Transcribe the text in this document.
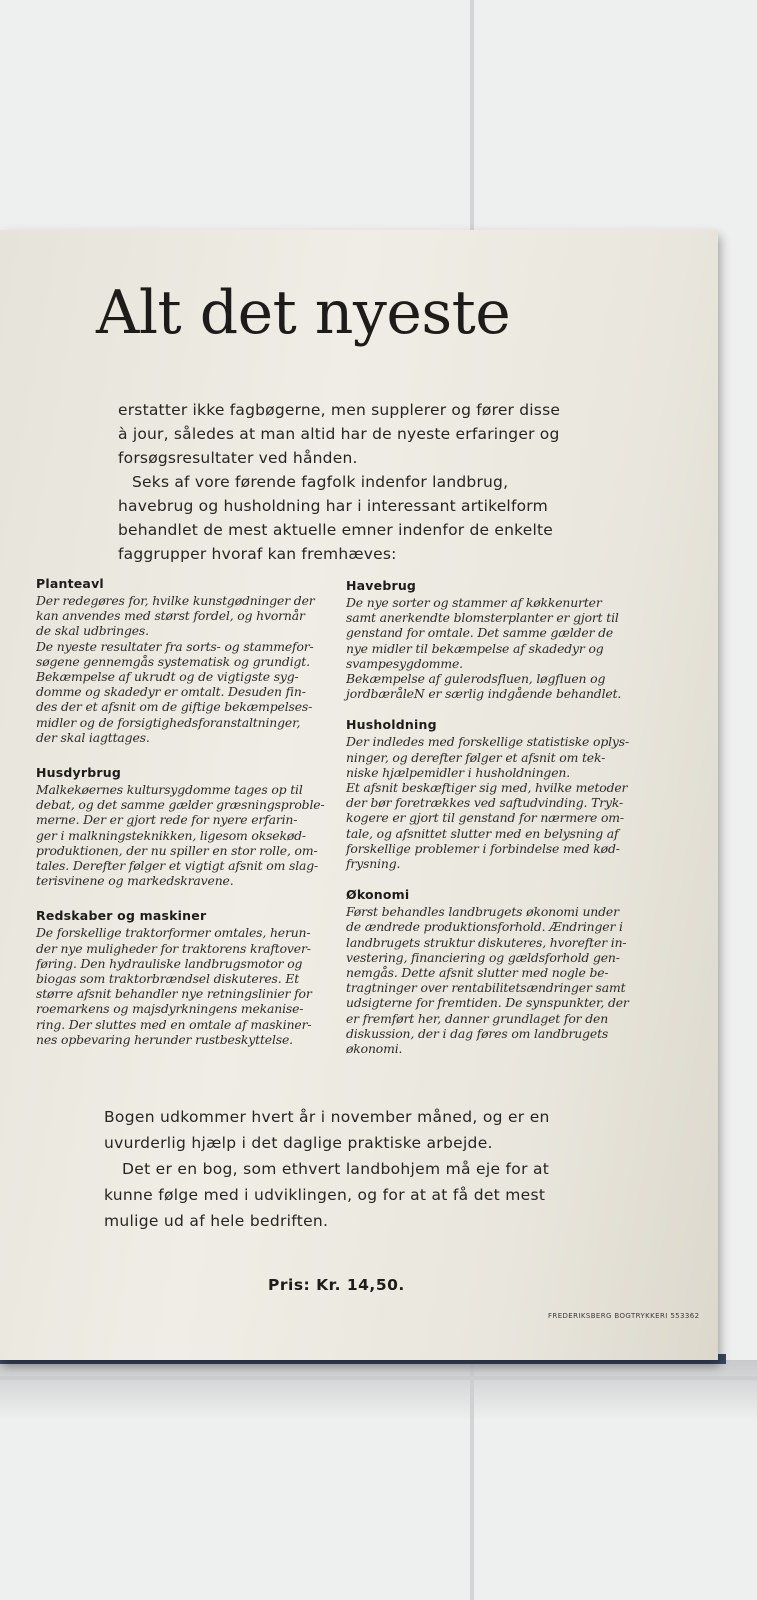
Alt det nyeste

erstatter ikke fagbøgerne, men supplerer og fører disse à jour, således at man altid har de nyeste erfaringer og forsøgsresultater ved hånden.

Seks af vore førende fagfolk indenfor landbrug, havebrug og husholdning har i interessant artikelform behandlet de mest aktuelle emner indenfor de enkelte faggrupper hvoraf kan fremhæves:

Planteavl
Der redegøres for, hvilke kunstgødninger der
kan anvendes med størst fordel, og hvornår
de skal udbringes.
De nyeste resultater fra sorts- og stammefor-
søgene gennemgås systematisk og grundigt.
Bekæmpelse af ukrudt og de vigtigste syg-
domme og skadedyr er omtalt. Desuden fin-
des der et afsnit om de giftige bekæmpelses-
midler og de forsigtighedsforanstaltninger,
der skal iagttages.
Husdyrbrug
Malkekøernes kultursygdomme tages op til
debat, og det samme gælder græsningsproble-
merne. Der er gjort rede for nyere erfarin-
ger i malkningsteknikken, ligesom oksekød-
produktionen, der nu spiller en stor rolle, om-
tales. Derefter følger et vigtigt afsnit om slag-
terisvinene og markedskravene.
Redskaber og maskiner
De forskellige traktorformer omtales, herun-
der nye muligheder for traktorens kraftover-
føring. Den hydrauliske landbrugsmotor og
biogas som traktorbrændsel diskuteres. Et
større afsnit behandler nye retningslinier for
roemarkens og majsdyrkningens mekanise-
ring. Der sluttes med en omtale af maskiner-
nes opbevaring herunder rustbeskyttelse.
Havebrug
De nye sorter og stammer af køkkenurter
samt anerkendte blomsterplanter er gjort til
genstand for omtale. Det samme gælder de
nye midler til bekæmpelse af skadedyr og
svampesygdomme.
Bekæmpelse af gulerodsfluen, løgfluen og
jordbæråleN er særlig indgående behandlet.
Husholdning
Der indledes med forskellige statistiske oplys-
ninger, og derefter følger et afsnit om tek-
niske hjælpemidler i husholdningen.
Et afsnit beskæftiger sig med, hvilke metoder
der bør foretrækkes ved saftudvinding. Tryk-
kogere er gjort til genstand for nærmere om-
tale, og afsnittet slutter med en belysning af
forskellige problemer i forbindelse med kød-
frysning.
Økonomi
Først behandles landbrugets økonomi under
de ændrede produktionsforhold. Ændringer i
landbrugets struktur diskuteres, hvorefter in-
vestering, financiering og gældsforhold gen-
nemgås. Dette afsnit slutter med nogle be-
tragtninger over rentabilitetsændringer samt
udsigterne for fremtiden. De synspunkter, der
er fremført her, danner grundlaget for den
diskussion, der i dag føres om landbrugets
økonomi.

Bogen udkommer hvert år i november måned, og er en uvurderlig hjælp i det daglige praktiske arbejde.

Det er en bog, som ethvert landbohjem må eje for at kunne følge med i udviklingen, og for at at få det mest mulige ud af hele bedriften.

Pris: Kr. 14,50.
FREDERIKSBERG BOGTRYKKERI 553362
